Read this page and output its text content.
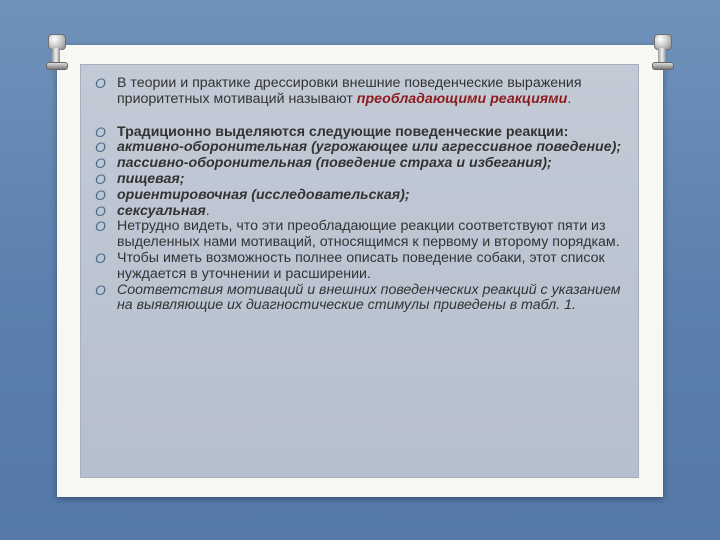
O В теории и практике дрессировки внешние поведенческие выражения приоритетных мотиваций называют преобладающими реакциями.
O Традиционно выделяются следующие поведенческие реакции:
O активно-оборонительная (угрожающее или агрессивное поведение);
O пассивно-оборонительная (поведение страха и избегания);
O пищевая;
O ориентировочная (исследовательская);
O сексуальная.
O Нетрудно видеть, что эти преобладающие реакции соответствуют пяти из выделенных нами мотиваций, относящимся к первому и второму порядкам.
O Чтобы иметь возможность полнее описать поведение собаки, этот список нуждается в уточнении и расширении.
O Соответствия мотиваций и внешних поведенческих реакций с указанием на выявляющие их диагностические стимулы приведены в табл. 1.
